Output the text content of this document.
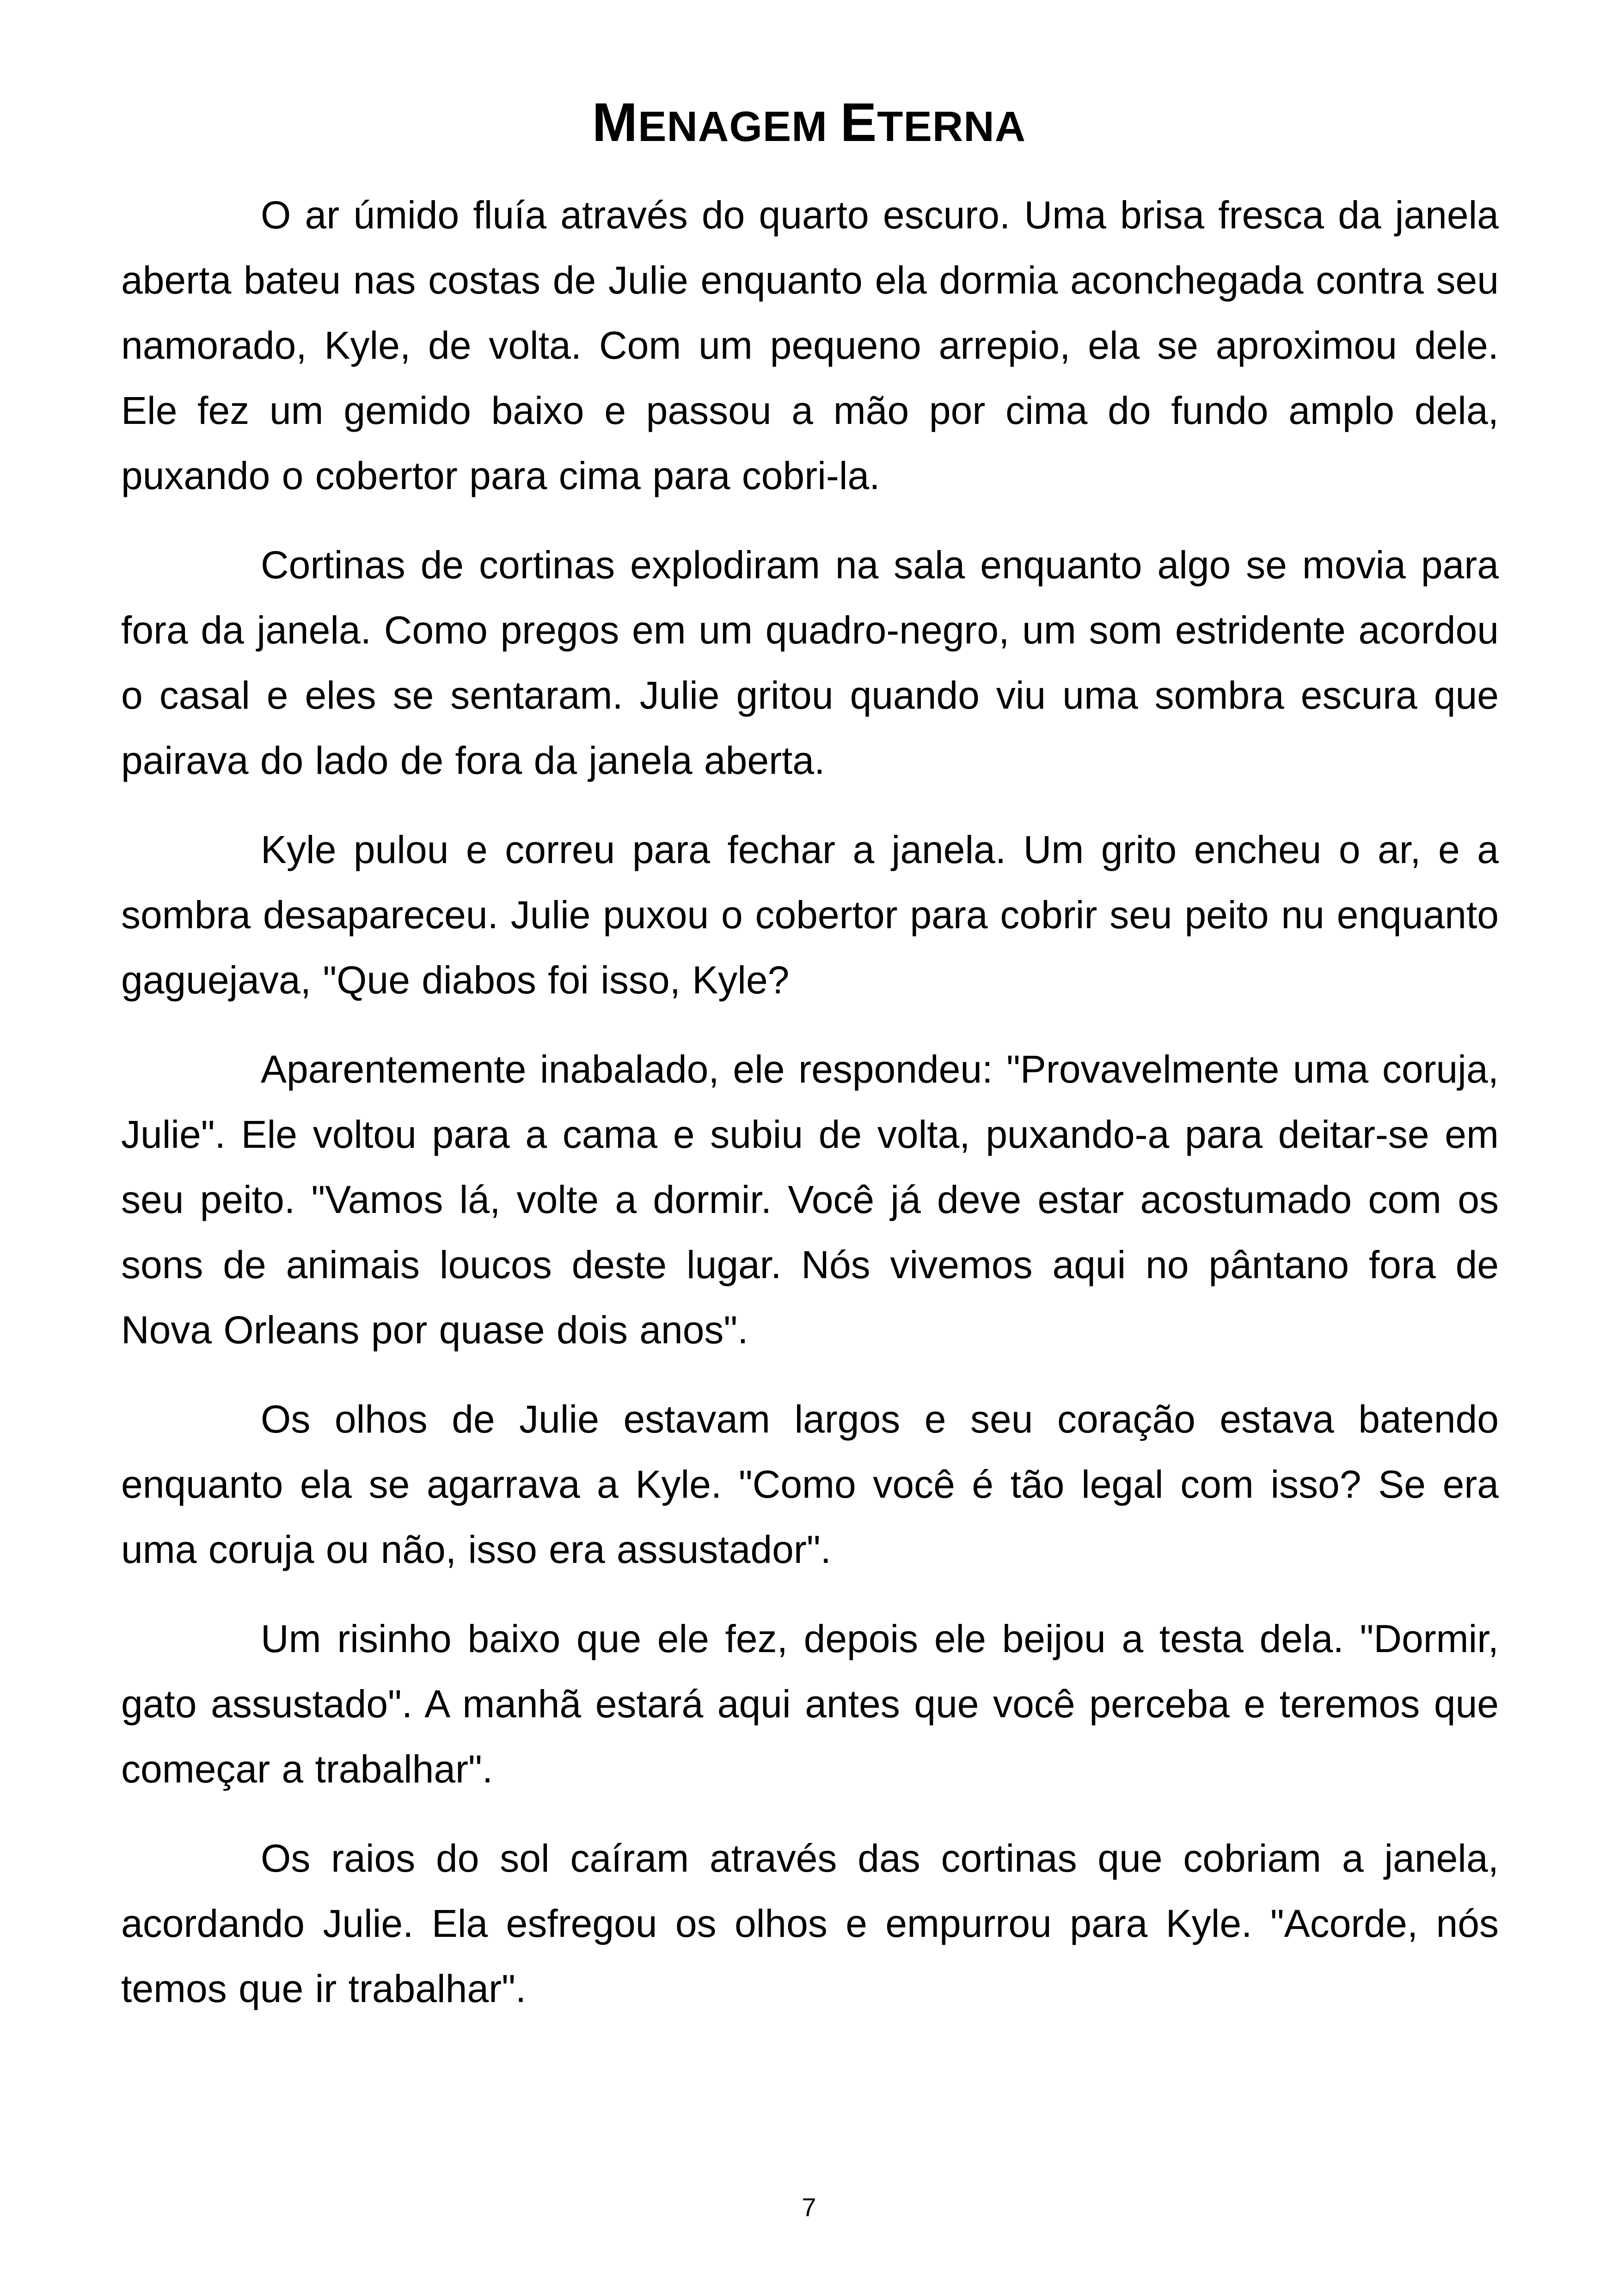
MENAGEM ETERNA

O ar úmido fluía através do quarto escuro. Uma brisa fresca da janela aberta bateu nas costas de Julie enquanto ela dormia aconchegada contra seu namorado, Kyle, de volta. Com um pequeno arrepio, ela se aproximou dele. Ele fez um gemido baixo e passou a mão por cima do fundo amplo dela, puxando o cobertor para cima para cobri-la.

Cortinas de cortinas explodiram na sala enquanto algo se movia para fora da janela. Como pregos em um quadro-negro, um som estridente acordou o casal e eles se sentaram. Julie gritou quando viu uma sombra escura que pairava do lado de fora da janela aberta.

Kyle pulou e correu para fechar a janela. Um grito encheu o ar, e a sombra desapareceu. Julie puxou o cobertor para cobrir seu peito nu enquanto gaguejava, "Que diabos foi isso, Kyle?

Aparentemente inabalado, ele respondeu: "Provavelmente uma coruja, Julie". Ele voltou para a cama e subiu de volta, puxando-a para deitar-se em seu peito. "Vamos lá, volte a dormir. Você já deve estar acostumado com os sons de animais loucos deste lugar. Nós vivemos aqui no pântano fora de Nova Orleans por quase dois anos".

Os olhos de Julie estavam largos e seu coração estava batendo enquanto ela se agarrava a Kyle. "Como você é tão legal com isso? Se era uma coruja ou não, isso era assustador".

Um risinho baixo que ele fez, depois ele beijou a testa dela. "Dormir, gato assustado". A manhã estará aqui antes que você perceba e teremos que começar a trabalhar".

Os raios do sol caíram através das cortinas que cobriam a janela, acordando Julie. Ela esfregou os olhos e empurrou para Kyle. "Acorde, nós temos que ir trabalhar".

7
